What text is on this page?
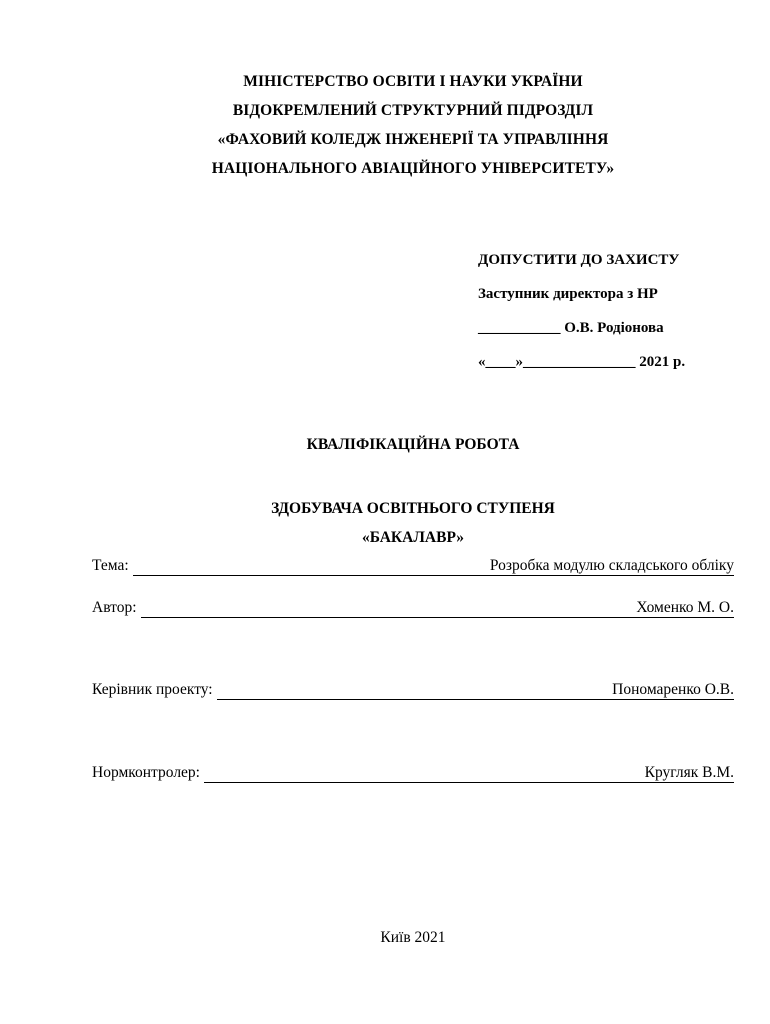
МІНІСТЕРСТВО ОСВІТИ І НАУКИ УКРАЇНИ
ВІДОКРЕМЛЕНИЙ СТРУКТУРНИЙ ПІДРОЗДІЛ
«ФАХОВИЙ КОЛЕДЖ ІНЖЕНЕРІЇ ТА УПРАВЛІННЯ
НАЦІОНАЛЬНОГО АВІАЦІЙНОГО УНІВЕРСИТЕТУ»
ДОПУСТИТИ ДО ЗАХИСТУ
Заступник директора з НР
___________ О.В. Родіонова
«____»_______________ 2021 р.
КВАЛІФІКАЦІЙНА РОБОТА
ЗДОБУВАЧА ОСВІТНЬОГО СТУПЕНЯ
«БАКАЛАВР»
Тема:	Розробка модулю складського обліку
Автор:	Хоменко М. О.
Керівник проекту:	Пономаренко О.В.
Нормконтролер:	Кругляк В.М.
Київ 2021
